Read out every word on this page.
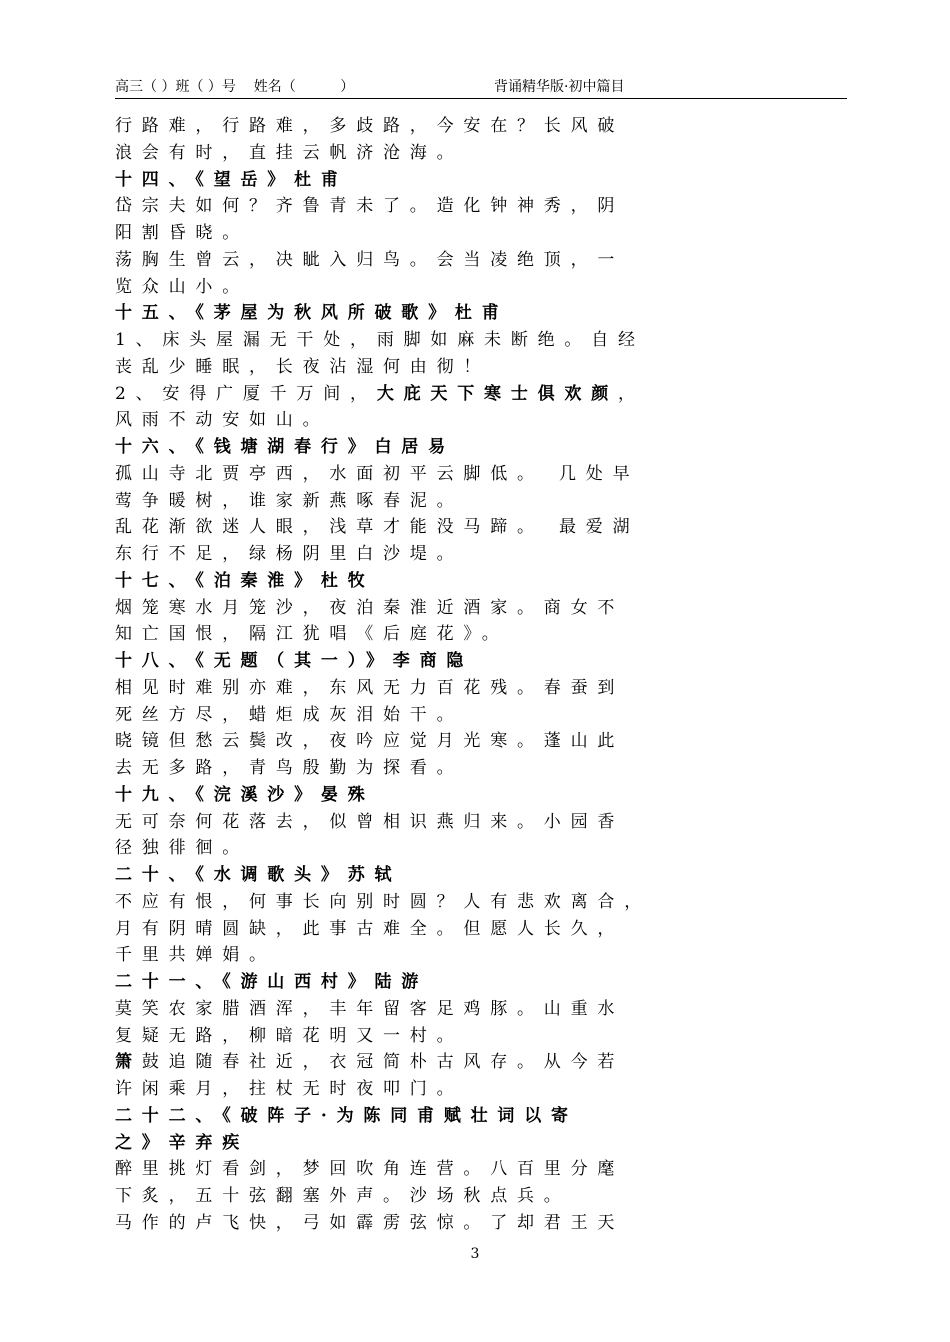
高三（ ）班（ ）号    姓名（          ）	背诵精华版·初中篇目
行路难，行路难，多歧路，今安在？长风破
浪会有时，直挂云帆济沧海。
十四、《望岳》杜甫
岱宗夫如何？齐鲁青未了。造化钟神秀，阴
阳割昏晓。
荡胸生曾云，决眦入归鸟。会当凌绝顶，一
览众山小。
十五、《茅屋为秋风所破歌》杜甫
1、床头屋漏无干处，雨脚如麻未断绝。自经
丧乱少睡眠，长夜沾湿何由彻！
2、安得广厦千万间，大庇天下寒士俱欢颜，
风雨不动安如山。
十六、《钱塘湖春行》白居易
孤山寺北贾亭西，水面初平云脚低。 几处早
莺争暖树，谁家新燕啄春泥。
乱花渐欲迷人眼，浅草才能没马蹄。 最爱湖
东行不足，绿杨阴里白沙堤。
十七、《泊秦淮》杜牧
烟笼寒水月笼沙，夜泊秦淮近酒家。商女不
知亡国恨，隔江犹唱《后庭花》。
十八、《无题（其一）》李商隐
相见时难别亦难，东风无力百花残。春蚕到
死丝方尽，蜡炬成灰泪始干。
晓镜但愁云鬓改，夜吟应觉月光寒。蓬山此
去无多路，青鸟殷勤为探看。
十九、《浣溪沙》晏殊
无可奈何花落去，似曾相识燕归来。小园香
径独徘徊。
二十、《水调歌头》苏轼
不应有恨，何事长向别时圆？人有悲欢离合，
月有阴晴圆缺，此事古难全。但愿人长久，
千里共婵娟。
二十一、《游山西村》陆游
莫笑农家腊酒浑，丰年留客足鸡豚。山重水
复疑无路，柳暗花明又一村。
箫鼓追随春社近，衣冠简朴古风存。从今若
许闲乘月，拄杖无时夜叩门。
二十二、《破阵子·为陈同甫赋壮词以寄
之》辛弃疾
醉里挑灯看剑，梦回吹角连营。八百里分麾
下炙，五十弦翻塞外声。沙场秋点兵。
马作的卢飞快，弓如霹雳弦惊。了却君王天
3
